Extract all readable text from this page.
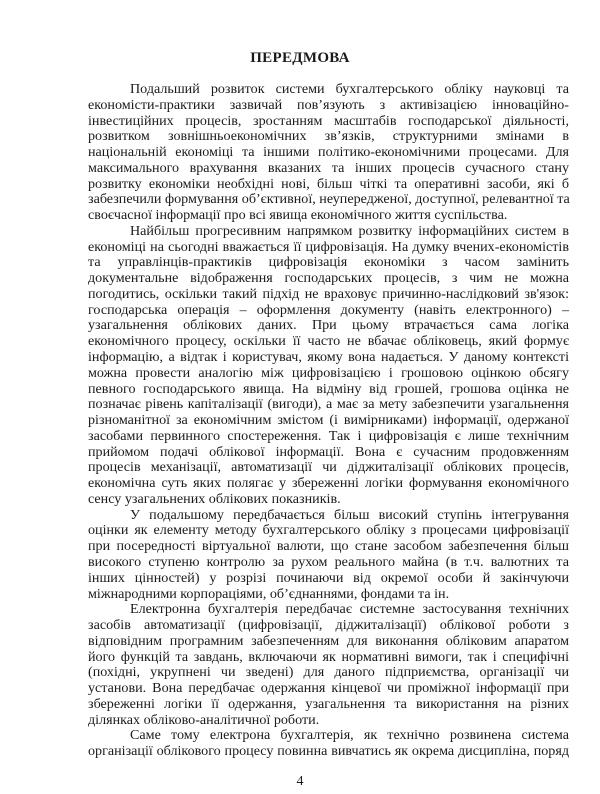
ПЕРЕДМОВА
Подальший розвиток системи бухгалтерського обліку науковці та
економісти-практики зазвичай пов’язують з активізацією інноваційно-
інвестиційних процесів, зростанням масштабів господарської діяльності,
розвитком зовнішньоекономічних зв’язків, структурними змінами в
національній економіці та іншими політико-економічними процесами. Для
максимального врахування вказаних та інших процесів сучасного стану
розвитку економіки необхідні нові, більш чіткі та оперативні засоби, які б
забезпечили формування об’єктивної, неупередженої, доступної, релевантної та
своєчасної інформації про всі явища економічного життя суспільства.
Найбільш прогресивним напрямком розвитку інформаційних систем в
економіці на сьогодні вважається її цифровізація. На думку вчених-економістів
та управлінців-практиків цифровізація економіки з часом замінить
документальне відображення господарських процесів, з чим не можна
погодитись, оскільки такий підхід не враховує причинно-наслідковий зв'язок:
господарська операція – оформлення документу (навіть електронного) –
узагальнення облікових даних. При цьому втрачається сама логіка
економічного процесу, оскільки її часто не вбачає обліковець, який формує
інформацію, а відтак і користувач, якому вона надається. У даному контексті
можна провести аналогію між цифровізацією і грошовою оцінкою обсягу
певного господарського явища. На відміну від грошей, грошова оцінка не
позначає рівень капіталізації (вигоди), а має за мету забезпечити узагальнення
різноманітної за економічним змістом (і вимірниками) інформації, одержаної
засобами первинного спостереження. Так і цифровізація є лише технічним
прийомом подачі облікової інформації. Вона є сучасним продовженням
процесів механізації, автоматизації чи діджиталізації облікових процесів,
економічна суть яких полягає у збереженні логіки формування економічного
сенсу узагальнених облікових показників.
У подальшому передбачається більш високий ступінь інтегрування
оцінки як елементу методу бухгалтерського обліку з процесами цифровізації
при посередності віртуальної валюти, що стане засобом забезпечення більш
високого ступеню контролю за рухом реального майна (в т.ч. валютних та
інших цінностей) у розрізі починаючи від окремої особи й закінчуючи
міжнародними корпораціями, об’єднаннями, фондами та ін.
Електронна бухгалтерія передбачає системне застосування технічних
засобів автоматизації (цифровізації, діджиталізації) облікової роботи з
відповідним програмним забезпеченням для виконання обліковим апаратом
його функцій та завдань, включаючи як нормативні вимоги, так і специфічні
(похідні, укрупнені чи зведені) для даного підприємства, організації чи
установи. Вона передбачає одержання кінцевої чи проміжної інформації при
збереженні логіки її одержання, узагальнення та використання на різних
ділянках обліково-аналітичної роботи.
Саме тому електрона бухгалтерія, як технічно розвинена система
організації облікового процесу повинна вивчатись як окрема дисципліна, поряд
4
